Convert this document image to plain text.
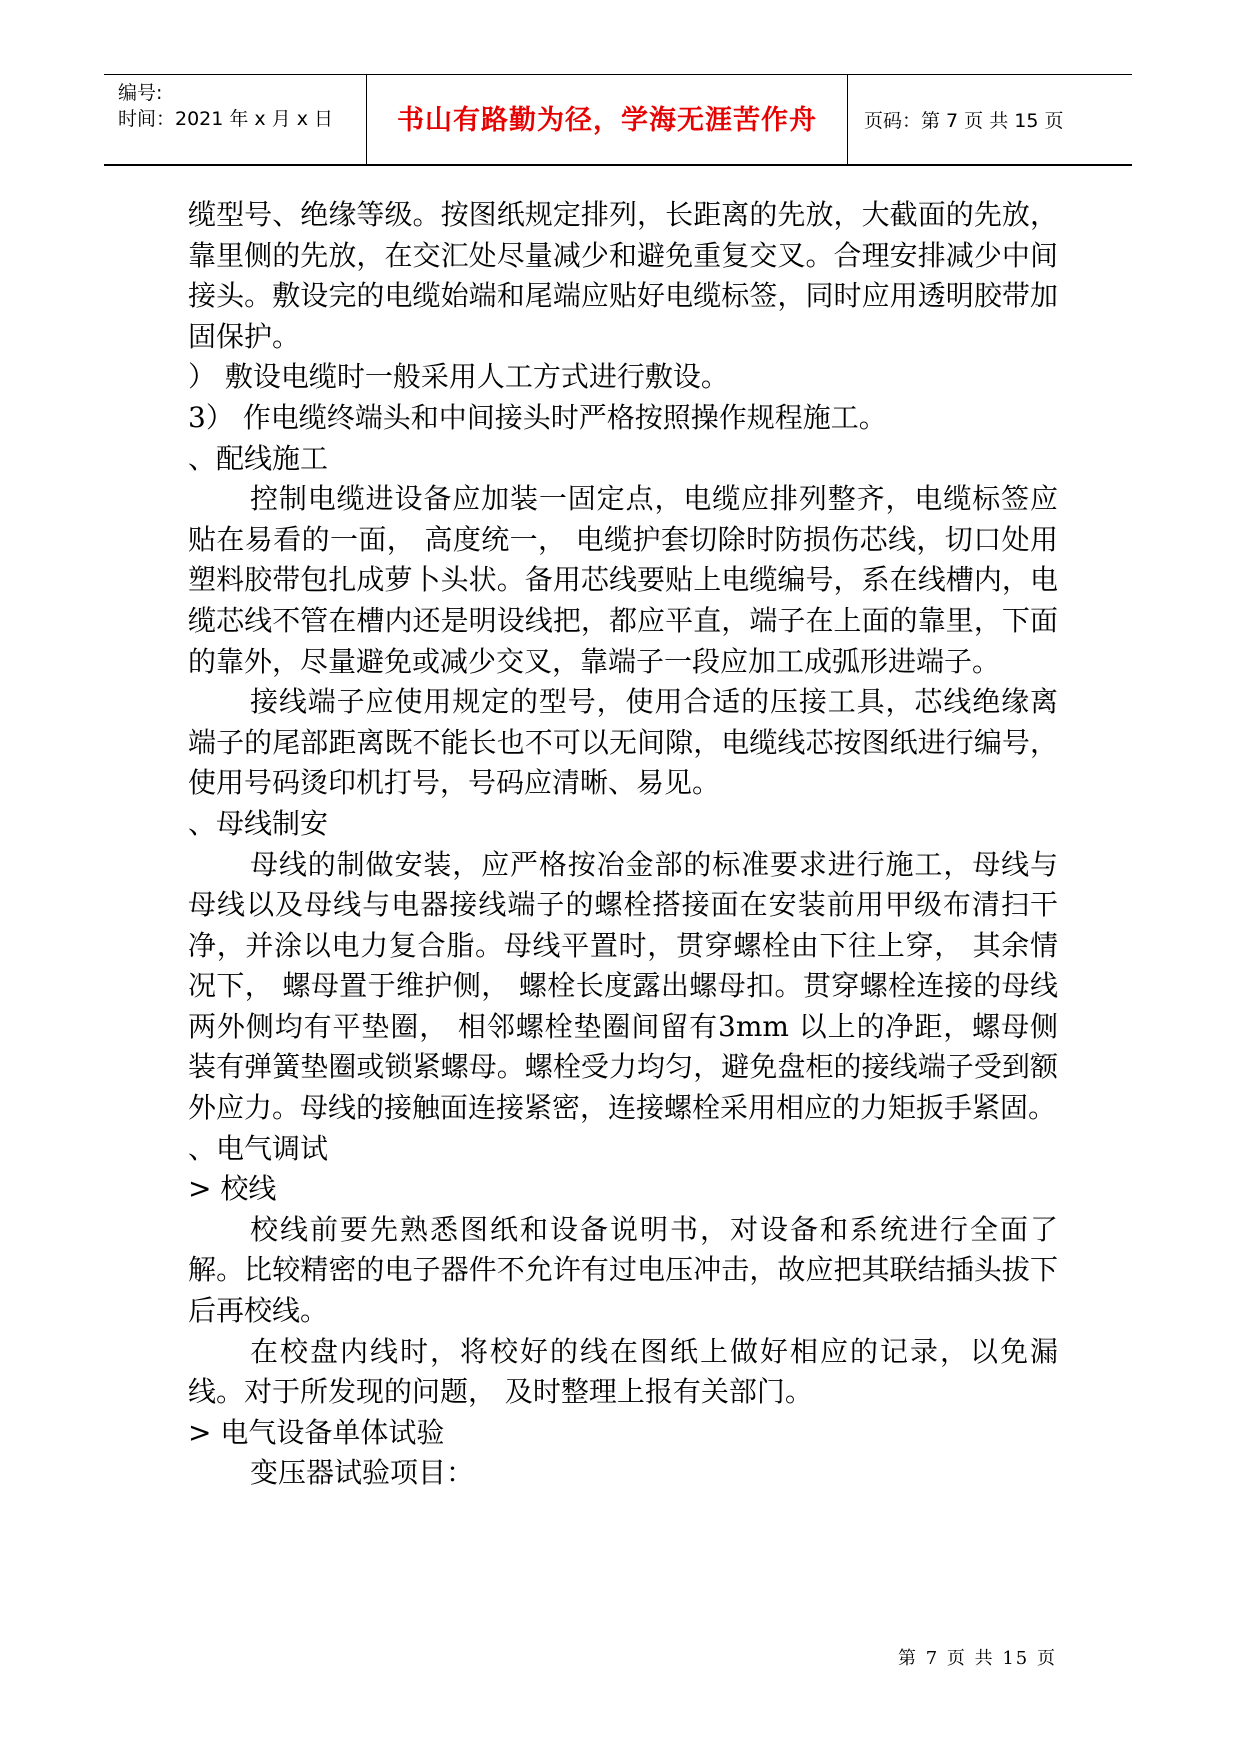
编号:
时间：2021 年 x 月 x 日	书山有路勤为径，学海无涯苦作舟	页码：第 7 页 共 15 页

缆型号、绝缘等级。按图纸规定排列，长距离的先放，大截面的先放，靠里侧的先放，在交汇处尽量减少和避免重复交叉。合理安排减少中间接头。敷设完的电缆始端和尾端应贴好电缆标签，同时应用透明胶带加固保护。

） 敷设电缆时一般采用人工方式进行敷设。

3） 作电缆终端头和中间接头时严格按照操作规程施工。

、配线施工

控制电缆进设备应加装一固定点，电缆应排列整齐，电缆标签应贴在易看的一面， 高度统一， 电缆护套切除时防损伤芯线，切口处用塑料胶带包扎成萝卜头状。备用芯线要贴上电缆编号，系在线槽内，电缆芯线不管在槽内还是明设线把，都应平直，端子在上面的靠里，下面的靠外，尽量避免或减少交叉，靠端子一段应加工成弧形进端子。

接线端子应使用规定的型号，使用合适的压接工具，芯线绝缘离端子的尾部距离既不能长也不可以无间隙，电缆线芯按图纸进行编号，使用号码烫印机打号，号码应清晰、易见。

、母线制安

母线的制做安装，应严格按冶金部的标准要求进行施工，母线与母线以及母线与电器接线端子的螺栓搭接面在安装前用甲级布清扫干净，并涂以电力复合脂。母线平置时，贯穿螺栓由下往上穿， 其余情况下， 螺母置于维护侧， 螺栓长度露出螺母扣。贯穿螺栓连接的母线两外侧均有平垫圈， 相邻螺栓垫圈间留有3mm 以上的净距，螺母侧装有弹簧垫圈或锁紧螺母。螺栓受力均匀，避免盘柜的接线端子受到额外应力。母线的接触面连接紧密，连接螺栓采用相应的力矩扳手紧固。

、电气调试

> 校线

校线前要先熟悉图纸和设备说明书，对设备和系统进行全面了解。比较精密的电子器件不允许有过电压冲击，故应把其联结插头拔下后再校线。

在校盘内线时，将校好的线在图纸上做好相应的记录，以免漏线。对于所发现的问题， 及时整理上报有关部门。

> 电气设备单体试验

变压器试验项目：

第 7 页 共 15 页
